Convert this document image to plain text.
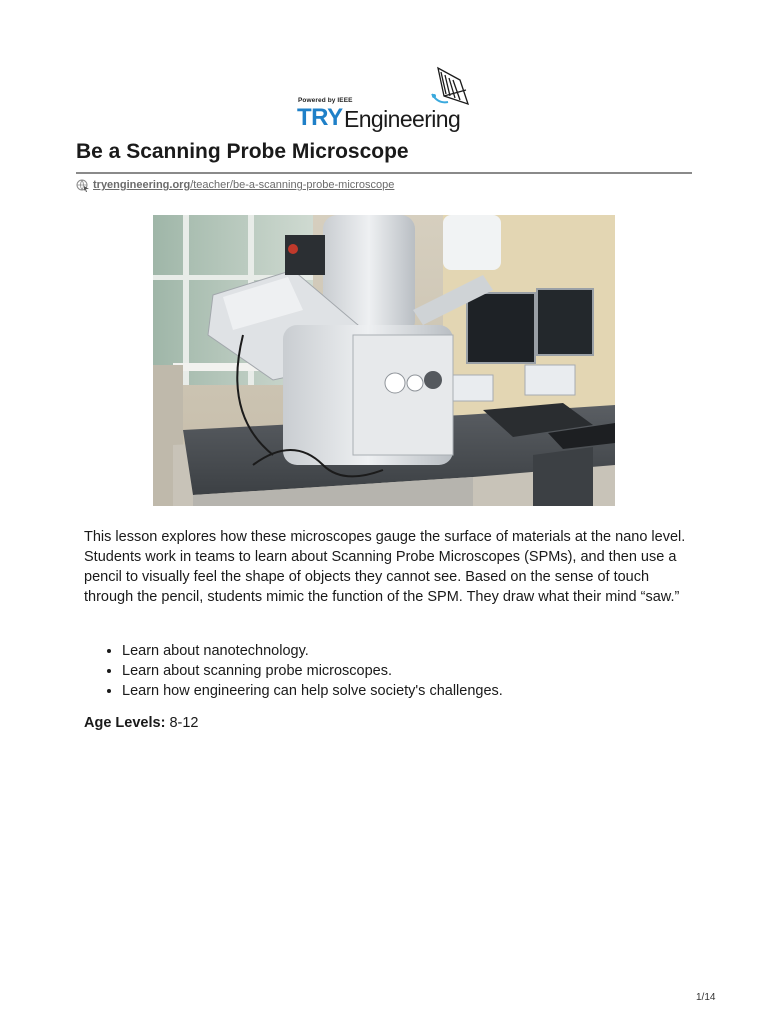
Powered by IEEE
TRY Engineering
Be a Scanning Probe Microscope
tryengineering.org/teacher/be-a-scanning-probe-microscope

This lesson explores how these microscopes gauge the surface of materials at the nano level. Students work in teams to learn about Scanning Probe Microscopes (SPMs), and then use a pencil to visually feel the shape of objects they cannot see. Based on the sense of touch through the pencil, students mimic the function of the SPM. They draw what their mind “saw.”

• Learn about nanotechnology.
• Learn about scanning probe microscopes.
• Learn how engineering can help solve society's challenges.
Age Levels: 8-12
1/14
